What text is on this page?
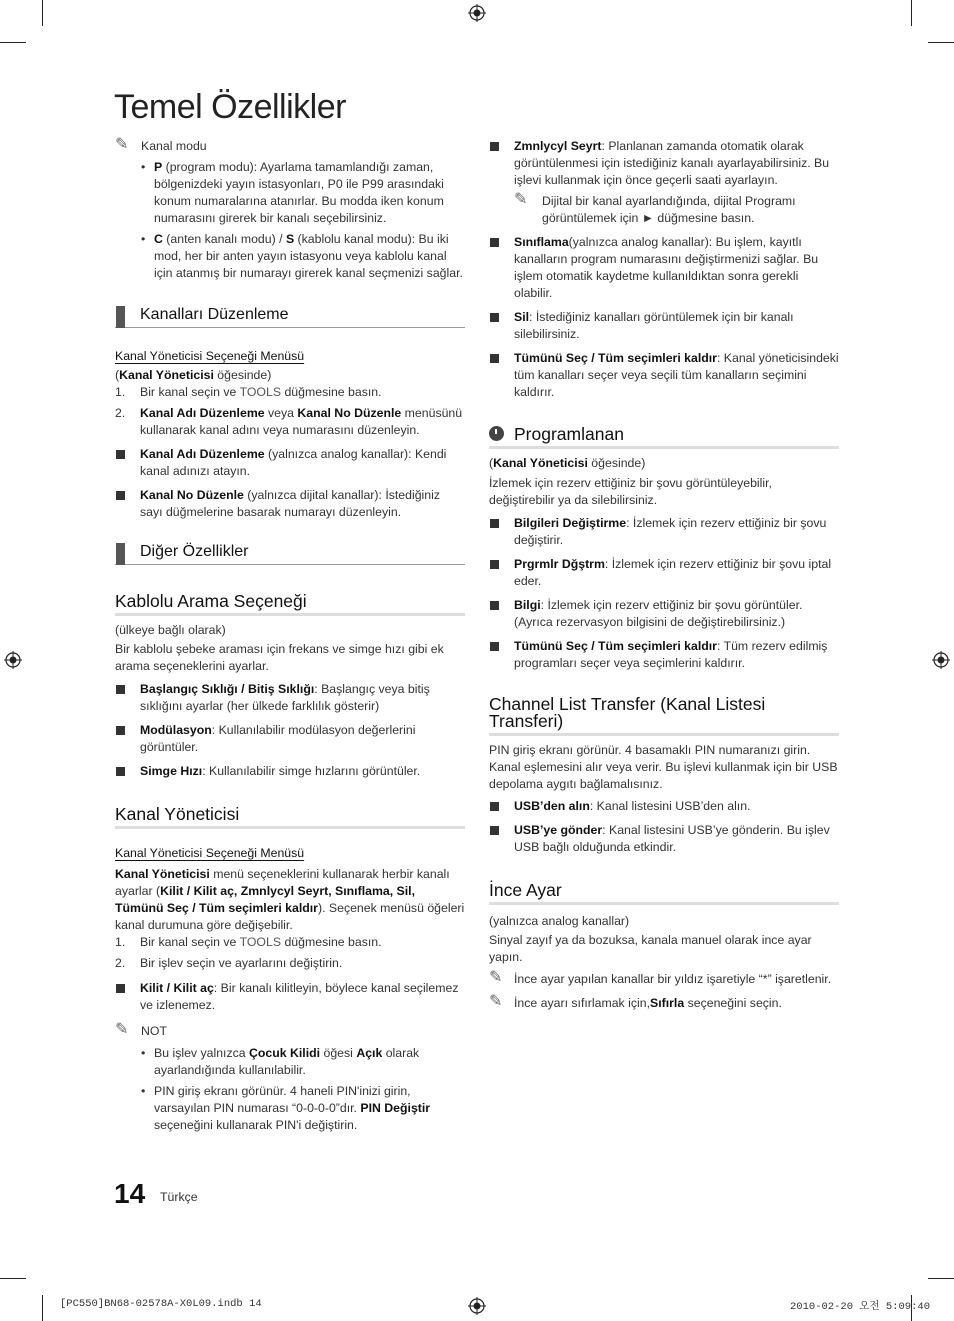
Temel Özellikler
✎ Kanal modu

• P (program modu): Ayarlama tamamlandığı zaman, bölgenizdeki yayın istasyonları, P0 ile P99 arasındaki konum numaralarına atanırlar. Bu modda iken konum numarasını girerek bir kanalı seçebilirsiniz.

• C (anten kanalı modu) / S (kablolu kanal modu): Bu iki mod, her bir anten yayın istasyonu veya kablolu kanal için atanmış bir numarayı girerek kanal seçmenizi sağlar.

Kanalları Düzenleme

Kanal Yöneticisi Seçeneği Menüsü

(Kanal Yöneticisi öğesinde)

1. Bir kanal seçin ve TOOLS düğmesine basın.

2. Kanal Adı Düzenleme veya Kanal No Düzenle menüsünü kullanarak kanal adını veya numarasını düzenleyin.

Kanal Adı Düzenleme (yalnızca analog kanallar): Kendi kanal adınızı atayın.

Kanal No Düzenle (yalnızca dijital kanallar): İstediğiniz sayı düğmelerine basarak numarayı düzenleyin.

Diğer Özellikler
Kablolu Arama Seçeneği

(ülkeye bağlı olarak)

Bir kablolu şebeke araması için frekans ve simge hızı gibi ek arama seçeneklerini ayarlar.

Başlangıç Sıklığı / Bitiş Sıklığı: Başlangıç veya bitiş sıklığını ayarlar (her ülkede farklılık gösterir)

Modülasyon: Kullanılabilir modülasyon değerlerini görüntüler.

Simge Hızı: Kullanılabilir simge hızlarını görüntüler.

Kanal Yöneticisi

Kanal Yöneticisi Seçeneği Menüsü

Kanal Yöneticisi menü seçeneklerini kullanarak herbir kanalı ayarlar (Kilit / Kilit aç, Zmnlycyl Seyrt, Sınıflama, Sil, Tümünü Seç / Tüm seçimleri kaldır). Seçenek menüsü öğeleri kanal durumuna göre değişebilir.

1. Bir kanal seçin ve TOOLS düğmesine basın.

2. Bir işlev seçin ve ayarlarını değiştirin.

Kilit / Kilit aç: Bir kanalı kilitleyin, böylece kanal seçilemez ve izlenemez.

✎ NOT

• Bu işlev yalnızca Çocuk Kilidi öğesi Açık olarak ayarlandığında kullanılabilir.

• PIN giriş ekranı görünür. 4 haneli PIN'inizi girin, varsayılan PIN numarası “0-0-0-0”dır. PIN Değiştir seçeneğini kullanarak PIN'i değiştirin.

Zmnlycyl Seyrt: Planlanan zamanda otomatik olarak görüntülenmesi için istediğiniz kanalı ayarlayabilirsiniz. Bu işlevi kullanmak için önce geçerli saati ayarlayın.

✎ Dijital bir kanal ayarlandığında, dijital Programı görüntülemek için ► düğmesine basın.

Sınıflama(yalnızca analog kanallar): Bu işlem, kayıtlı kanalların program numarasını değiştirmenizi sağlar. Bu işlem otomatik kaydetme kullanıldıktan sonra gerekli olabilir.

Sil: İstediğiniz kanalları görüntülemek için bir kanalı silebilirsiniz.

Tümünü Seç / Tüm seçimleri kaldır: Kanal yöneticisindeki tüm kanalları seçer veya seçili tüm kanalların seçimini kaldırır.

Programlanan

(Kanal Yöneticisi öğesinde)

İzlemek için rezerv ettiğiniz bir şovu görüntüleyebilir, değiştirebilir ya da silebilirsiniz.

Bilgileri Değiştirme: İzlemek için rezerv ettiğiniz bir şovu değiştirir.

Prgrmlr Dğştrm: İzlemek için rezerv ettiğiniz bir şovu iptal eder.

Bilgi: İzlemek için rezerv ettiğiniz bir şovu görüntüler. (Ayrıca rezervasyon bilgisini de değiştirebilirsiniz.)

Tümünü Seç / Tüm seçimleri kaldır: Tüm rezerv edilmiş programları seçer veya seçimlerini kaldırır.

Channel List Transfer (Kanal Listesi Transferi)

PIN giriş ekranı görünür. 4 basamaklı PIN numaranızı girin. Kanal eşlemesini alır veya verir. Bu işlevi kullanmak için bir USB depolama aygıtı bağlamalısınız.

USB’den alın: Kanal listesini USB’den alın.

USB’ye gönder: Kanal listesini USB’ye gönderin. Bu işlev USB bağlı olduğunda etkindir.

İnce Ayar

(yalnızca analog kanallar)

Sinyal zayıf ya da bozuksa, kanala manuel olarak ince ayar yapın.

✎ İnce ayar yapılan kanallar bir yıldız işaretiyle “*” işaretlenir.

✎ İnce ayarı sıfırlamak için,Sıfırla seçeneğini seçin.

14 Türkçe
[PC550]BN68-02578A-X0L09.indb 14	2010-02-20 오전 5:09:40
